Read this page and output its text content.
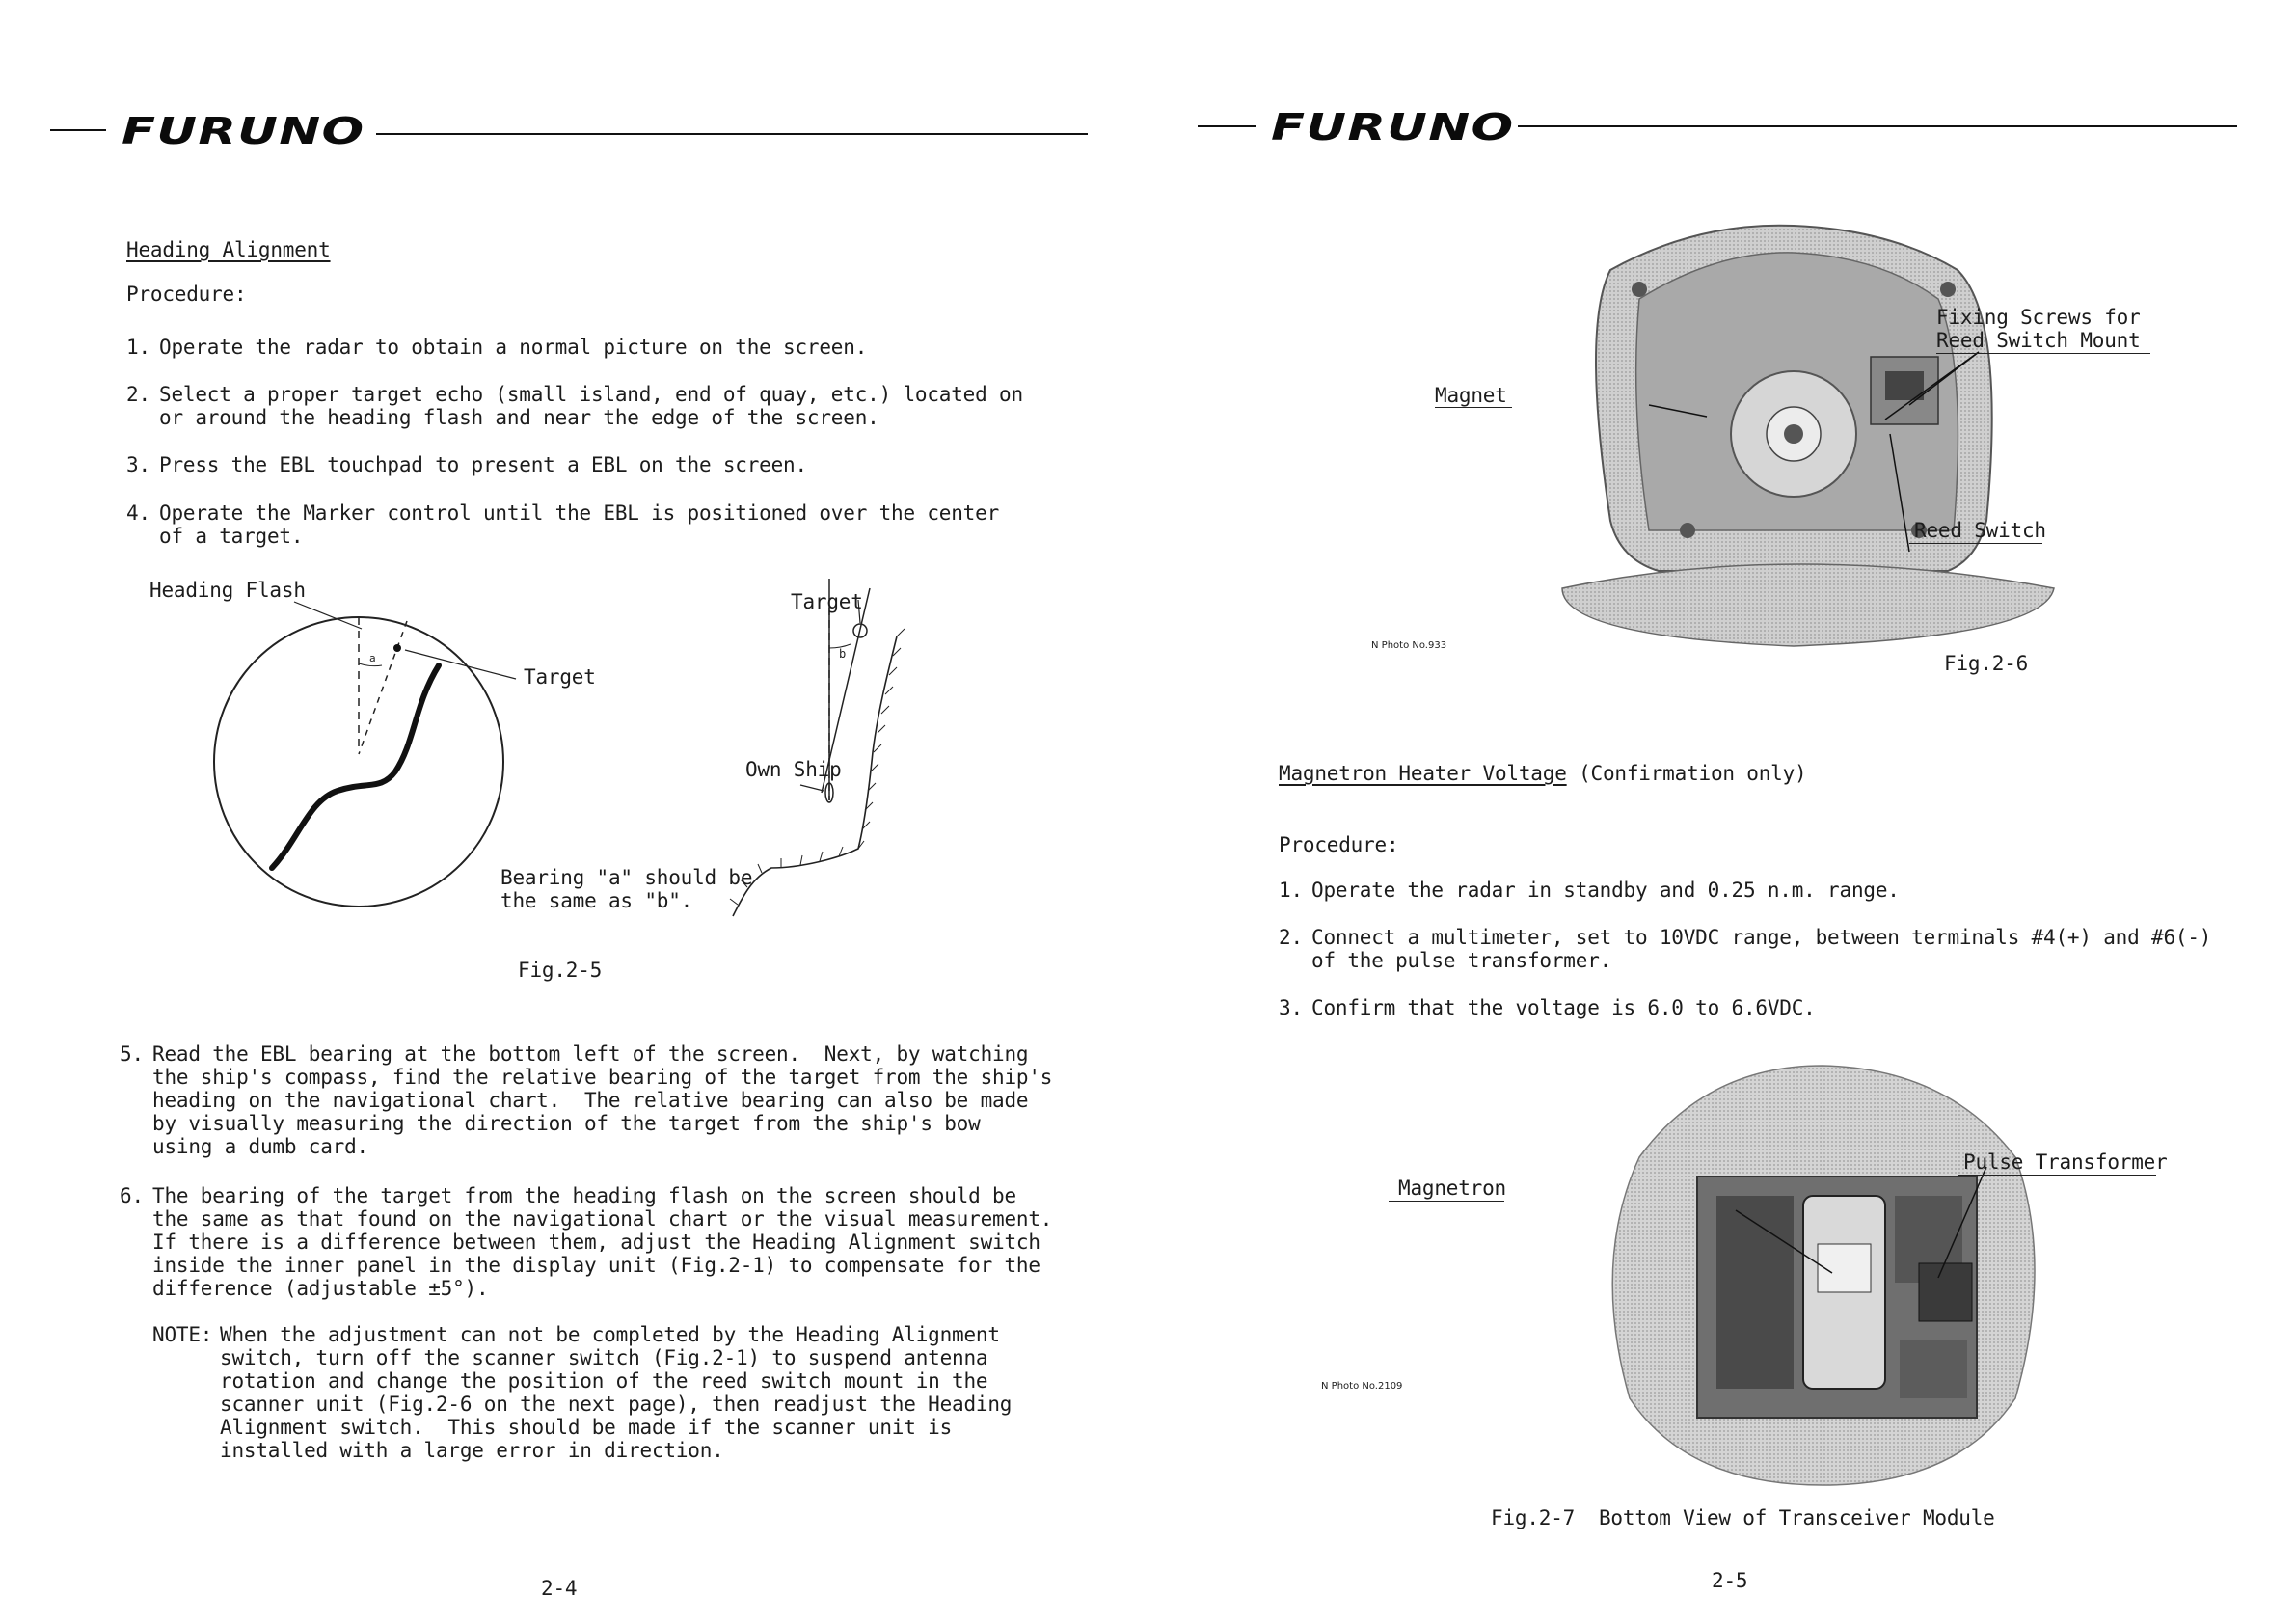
FURUNO
Heading Alignment
Procedure:
1. Operate the radar to obtain a normal picture on the screen.
2. Select a proper target echo (small island, end of quay, etc.) located on
or around the heading flash and near the edge of the screen.
3. Press the EBL touchpad to present a EBL on the screen.
4. Operate the Marker control until the EBL is positioned over the center
of a target.
a	b
Heading Flash
Target
Target
Own Ship
Bearing "a" should be
the same as "b".
Fig.2-5
5. Read the EBL bearing at the bottom left of the screen.  Next, by watching
the ship's compass, find the relative bearing of the target from the ship's
heading on the navigational chart.  The relative bearing can also be made
by visually measuring the direction of the target from the ship's bow
using a dumb card.
6. The bearing of the target from the heading flash on the screen should be
the same as that found on the navigational chart or the visual measurement.
If there is a difference between them, adjust the Heading Alignment switch
inside the inner panel in the display unit (Fig.2-1) to compensate for the
difference (adjustable ±5°).
NOTE: When the adjustment can not be completed by the Heading Alignment
switch, turn off the scanner switch (Fig.2-1) to suspend antenna
rotation and change the position of the reed switch mount in the
scanner unit (Fig.2-6 on the next page), then readjust the Heading
Alignment switch.  This should be made if the scanner unit is
installed with a large error in direction.
2-4
FURUNO
Fixing Screws for
Reed Switch Mount
Magnet
Reed Switch
N Photo No.933
Fig.2-6
Magnetron Heater Voltage (Confirmation only)
Procedure:
1. Operate the radar in standby and 0.25 n.m. range.
2. Connect a multimeter, set to 10VDC range, between terminals #4(+) and #6(-)
of the pulse transformer.
3. Confirm that the voltage is 6.0 to 6.6VDC.
Magnetron
Pulse Transformer
N Photo No.2109
Fig.2-7  Bottom View of Transceiver Module
2-5
